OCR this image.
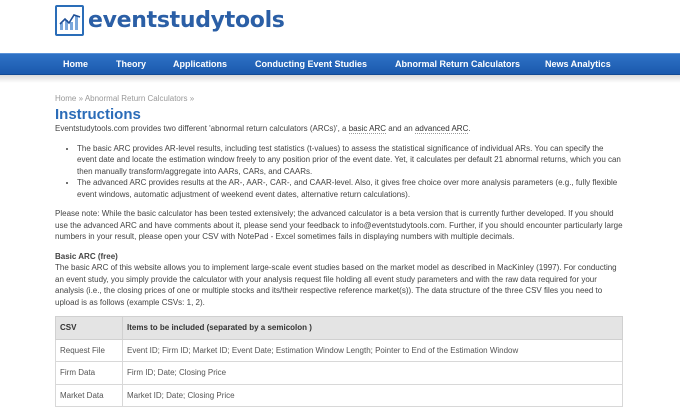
eventstudytools
Home	Theory	Applications	Conducting Event Studies	Abnormal Return Calculators	News Analytics
Home » Abnormal Return Calculators »
Instructions

Eventstudytools.com provides two different 'abnormal return calculators (ARCs)', a basic ARC and an advanced ARC.

• The basic ARC provides AR-level results, including test statistics (t-values) to assess the statistical significance of individual ARs. You can specify the event date and locate the estimation window freely to any position prior of the event date. Yet, it calculates per default 21 abnormal returns, which you can then manually transform/aggregate into AARs, CARs, and CAARs.
• The advanced ARC provides results at the AR-, AAR-, CAR-, and CAAR-level. Also, it gives free choice over more analysis parameters (e.g., fully flexible event windows, automatic adjustment of weekend event dates, alternative return calculations).

Please note: While the basic calculator has been tested extensively; the advanced calculator is a beta version that is currently further developed. If you should use the advanced ARC and have comments about it, please send your feedback to info@eventstudytools.com. Further, if you should encounter particularly large numbers in your result, please open your CSV with NotePad - Excel sometimes fails in displaying numbers with multiple decimals.

Basic ARC (free)

The basic ARC of this website allows you to implement large-scale event studies based on the market model as described in MacKinley (1997). For conducting an event study, you simply provide the calculator with your analysis request file holding all event study parameters and with the raw data required for your analysis (i.e., the closing prices of one or multiple stocks and its/their respective reference market(s)). The data structure of the three CSV files you need to upload is as follows (example CSVs: 1, 2).

CSV	Items to be included (separated by a semicolon )
Request File	Event ID; Firm ID; Market ID; Event Date; Estimation Window Length; Pointer to End of the Estimation Window
Firm Data	Firm ID; Date; Closing Price
Market Data	Market ID; Date; Closing Price
